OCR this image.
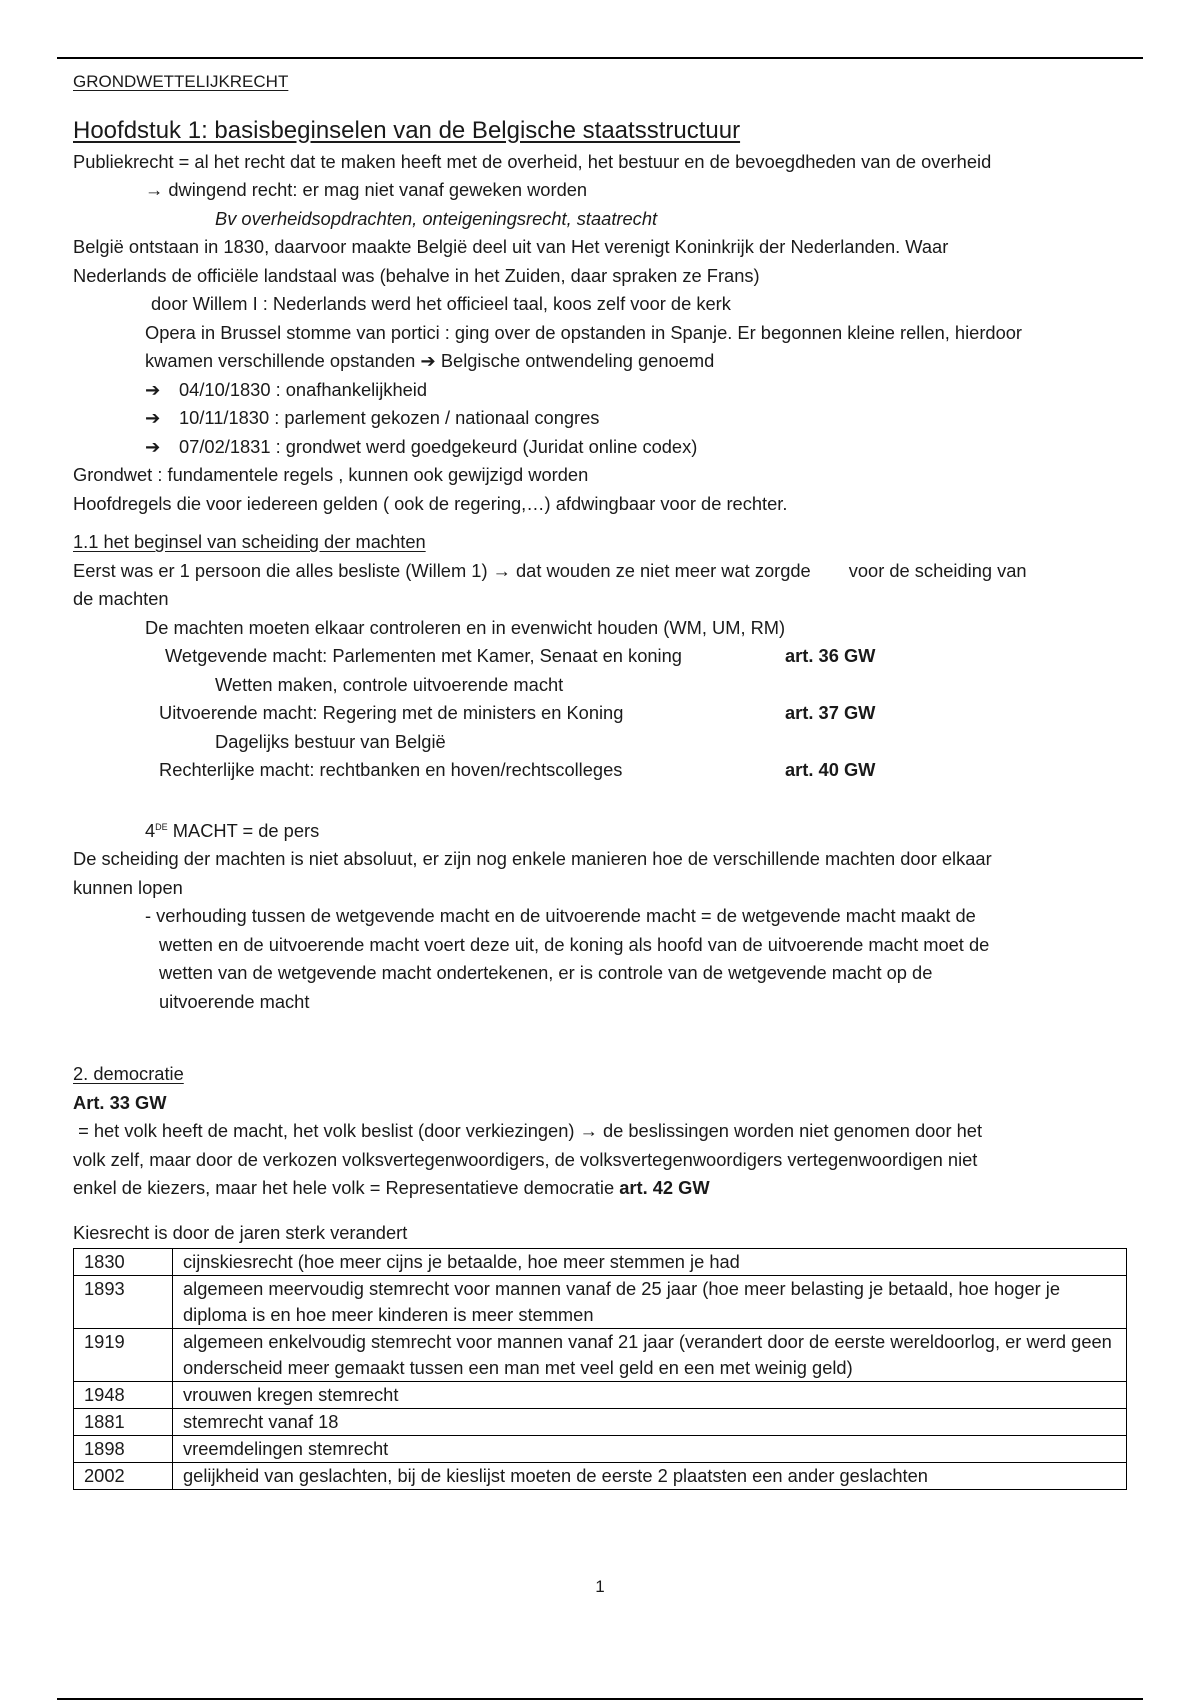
GRONDWETTELIJKRECHT
Hoofdstuk 1: basisbeginselen van de Belgische staatsstructuur
Publiekrecht = al het recht dat te maken heeft met de overheid, het bestuur en de bevoegdheden van de overheid
→ dwingend recht: er mag niet vanaf geweken worden
Bv overheidsopdrachten, onteigeningsrecht, staatrecht
België ontstaan in 1830, daarvoor maakte België deel uit van Het verenigt Koninkrijk der Nederlanden. Waar
Nederlands de officiële landstaal was (behalve in het Zuiden, daar spraken ze Frans)
door Willem I : Nederlands werd het officieel taal, koos zelf voor de kerk
Opera in Brussel stomme van portici : ging over de opstanden in Spanje. Er begonnen kleine rellen, hierdoor
kwamen verschillende opstanden ➔ Belgische ontwendeling genoemd
➔ 04/10/1830 : onafhankelijkheid
➔ 10/11/1830 : parlement gekozen / nationaal congres
➔ 07/02/1831 : grondwet werd goedgekeurd (Juridat online codex)
Grondwet : fundamentele regels , kunnen ook gewijzigd worden
Hoofdregels die voor iedereen gelden ( ook de regering,…) afdwingbaar voor de rechter.
1.1 het beginsel van scheiding der machten
Eerst was er 1 persoon die alles besliste (Willem 1) → dat wouden ze niet meer wat zorgde voor de scheiding van
de machten
De machten moeten elkaar controleren en in evenwicht houden (WM, UM, RM)
Wetgevende macht: Parlementen met Kamer, Senaat en koning	art. 36 GW
Wetten maken, controle uitvoerende macht
Uitvoerende macht: Regering met de ministers en Koning	art. 37 GW
Dagelijks bestuur van België
Rechterlijke macht: rechtbanken en hoven/rechtscolleges	art. 40 GW
4DE MACHT = de pers
De scheiding der machten is niet absoluut, er zijn nog enkele manieren hoe de verschillende machten door elkaar
kunnen lopen
- verhouding tussen de wetgevende macht en de uitvoerende macht = de wetgevende macht maakt de
wetten en de uitvoerende macht voert deze uit, de koning als hoofd van de uitvoerende macht moet de
wetten van de wetgevende macht ondertekenen, er is controle van de wetgevende macht op de
uitvoerende macht
2. democratie
Art. 33 GW
= het volk heeft de macht, het volk beslist (door verkiezingen) → de beslissingen worden niet genomen door het
volk zelf, maar door de verkozen volksvertegenwoordigers, de volksvertegenwoordigers vertegenwoordigen niet
enkel de kiezers, maar het hele volk = Representatieve democratie art. 42 GW
Kiesrecht is door de jaren sterk verandert
1830	cijnskiesrecht (hoe meer cijns je betaalde, hoe meer stemmen je had
1893	algemeen meervoudig stemrecht voor mannen vanaf de 25 jaar (hoe meer belasting je betaald, hoe hoger je diploma is en hoe meer kinderen is meer stemmen
1919	algemeen enkelvoudig stemrecht voor mannen vanaf 21 jaar (verandert door de eerste wereldoorlog, er werd geen onderscheid meer gemaakt tussen een man met veel geld en een met weinig geld)
1948	vrouwen kregen stemrecht
1881	stemrecht vanaf 18
1898	vreemdelingen stemrecht
2002	gelijkheid van geslachten, bij de kieslijst moeten de eerste 2 plaatsten een ander geslachten
1
